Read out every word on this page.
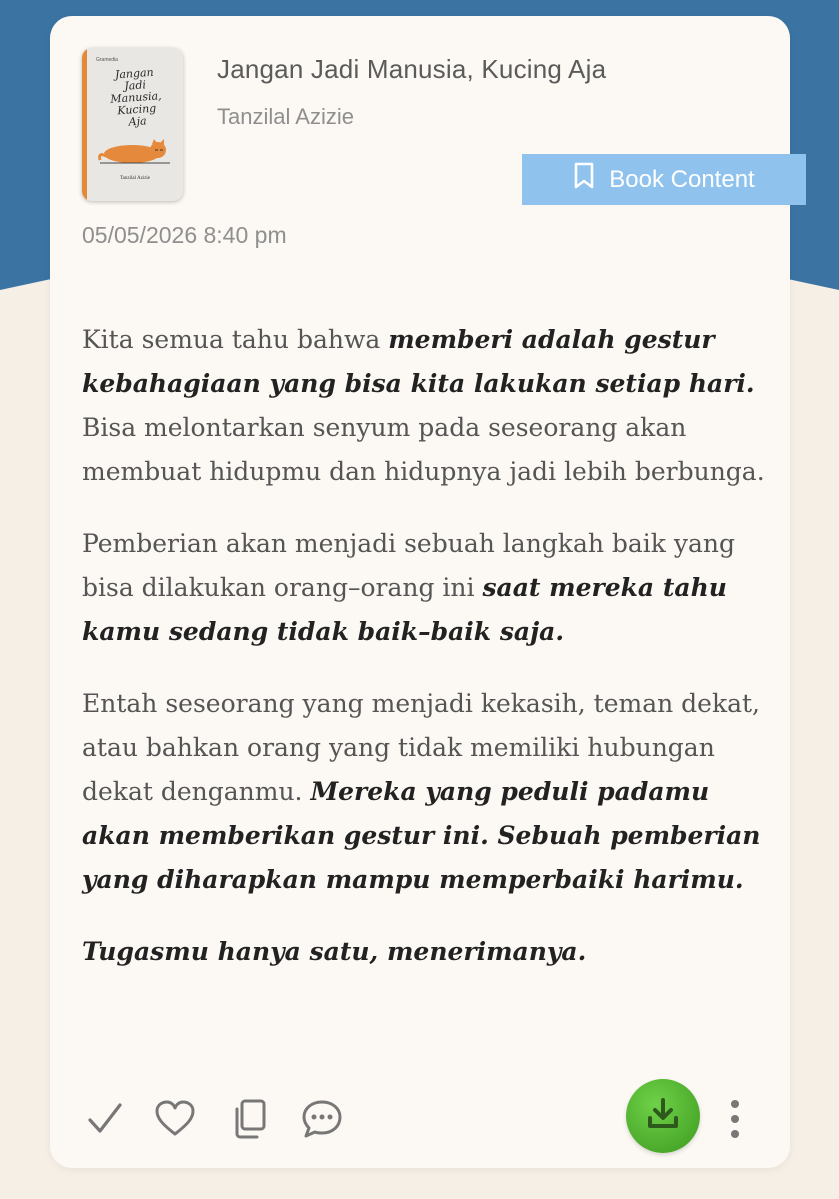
Gramedia
Jangan
Jadi
Manusia,
Kucing
Aja
Tanzilal Azizie
Jangan Jadi Manusia, Kucing Aja
Tanzilal Azizie
Book Content
05/05/2026 8:40 pm

Kita semua tahu bahwa memberi adalah gestur kebahagiaan yang bisa kita lakukan setiap hari. Bisa melontarkan senyum pada seseorang akan membuat hidupmu dan hidupnya jadi lebih berbunga.

Pemberian akan menjadi sebuah langkah baik yang bisa dilakukan orang–orang ini saat mereka tahu kamu sedang tidak baik–baik saja.

Entah seseorang yang menjadi kekasih, teman dekat, atau bahkan orang yang tidak memiliki hubungan dekat denganmu. Mereka yang peduli padamu akan memberikan gestur ini. Sebuah pemberian yang diharapkan mampu memperbaiki harimu.

Tugasmu hanya satu, menerimanya.
